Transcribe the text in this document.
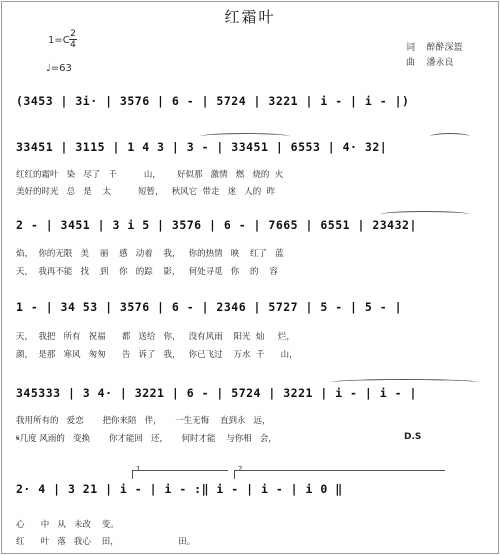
红霜叶
1=C
2
4
♩=63
词 醉酔深篮
曲 潘永良
(3453 | 3i· | 3576 | 6 - | 5724 | 3221 | i - | i - |)
33451 | 3115 | 1 4 3 | 3 - | 33451 | 6553 | 4· 32|
红红的霜叶   染   尽了   千          山，      好似那   激情   燃   烧的  火
美好的时光   总   是    太          短暂，   秋风它  带走   迷   人的  昨
2 - | 3451 | 3 i 5 | 3576 | 6 - | 7665 | 6551 | 23432|
焰，  你的无限   美    丽    感   动着    我，   你的热情   映    红了   蓝
天，  我再不能   找    到    你   的踪    影，   何处寻觅   你    的    容
1 - | 34 53 | 3576 | 6 - | 2346 | 5727 | 5 - | 5 - |
天，  我把   所有   祝福      都   送给   你，   没有风雨    阳光  灿     烂，
颜，  是那   寒风   匆匆      告   诉了   我，   你已飞过    万水  千      山，
345333 | 3 4· | 3221 | 6 - | 5724 | 3221 | i - | i - |
我用所有的   爱恋       把你来陪   伴，     一生无悔    直到永   远，
𝄋几度 风雨的   变换       你才能回   还，     何时才能    与你相   会，	D.S
1	2
2· 4 | 3 21 | i - | i - :‖ i - | i - | i 0 ‖
心      中   从   未改    变。
红      叶   落   我心    田，                      田。
